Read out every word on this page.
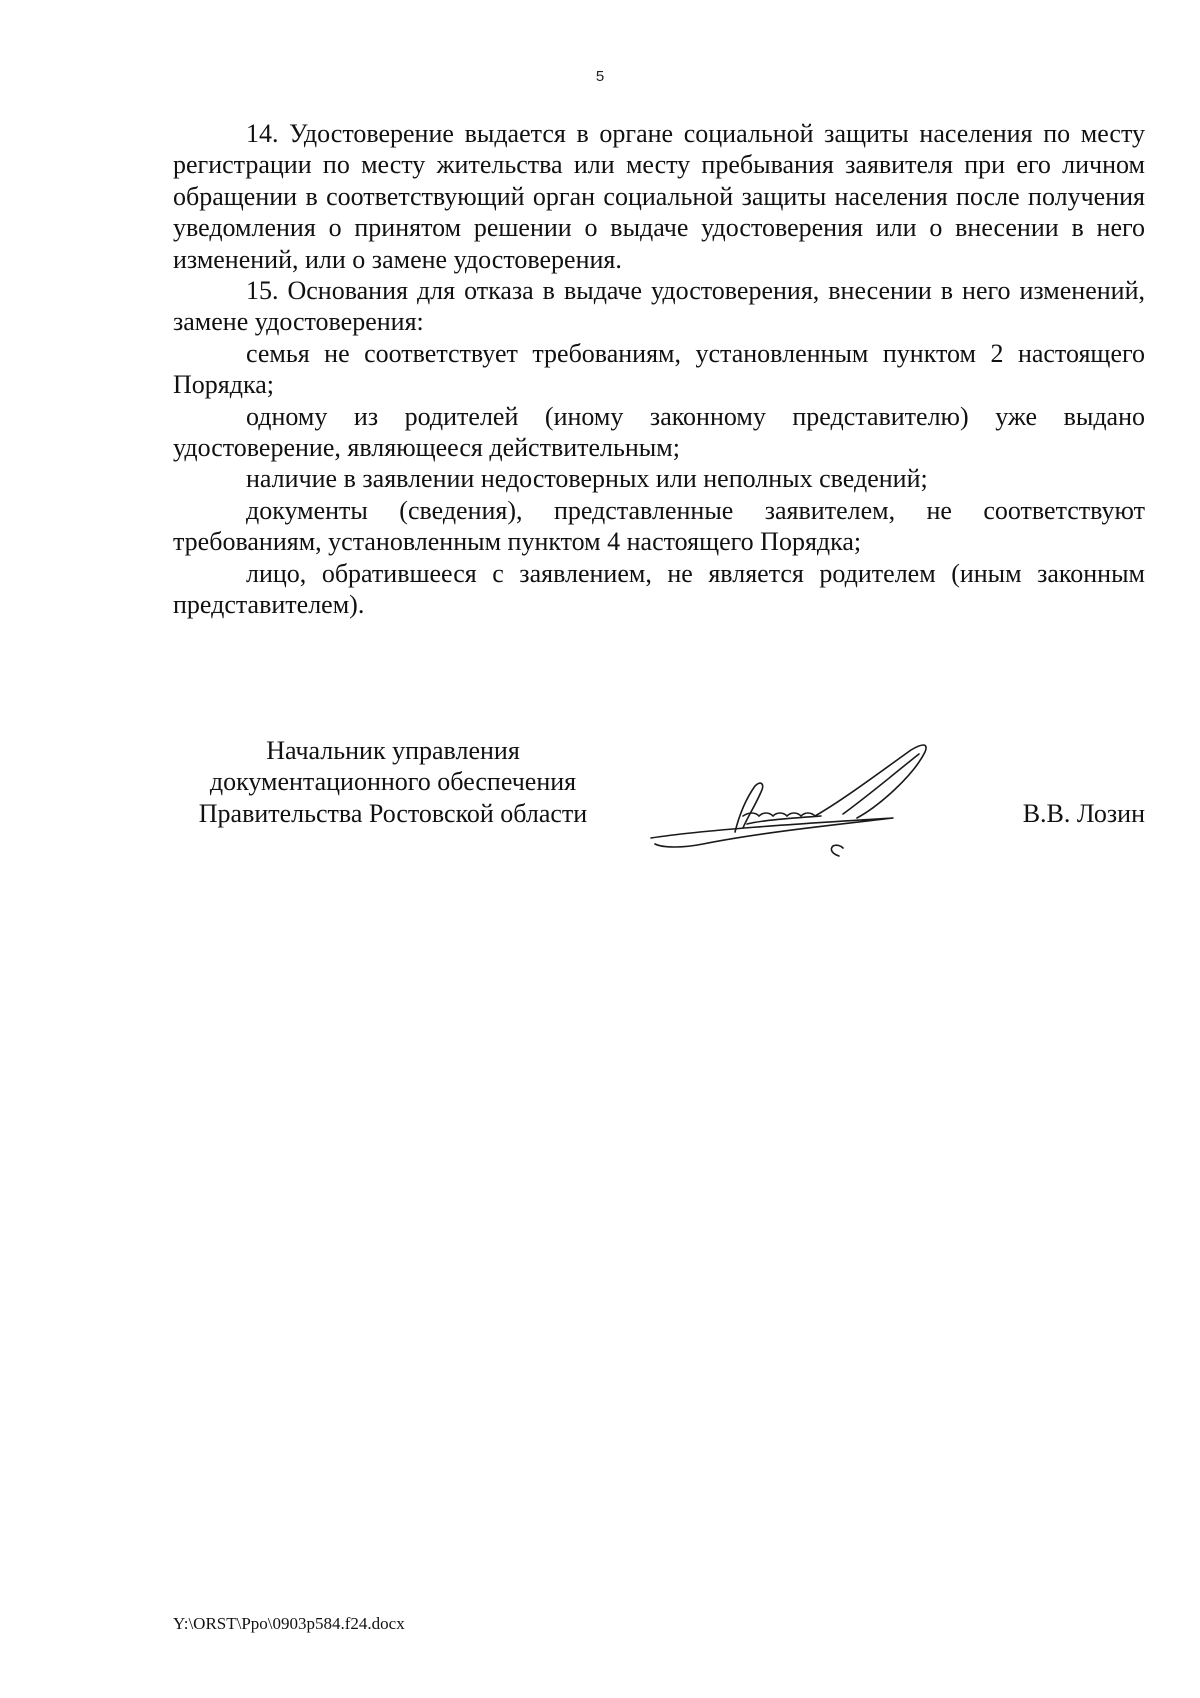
5

14. Удостоверение выдается в органе социальной защиты населения по месту регистрации по месту жительства или месту пребывания заявителя при его личном обращении в соответствующий орган социальной защиты населения после получения уведомления о принятом решении о выдаче удостоверения или о внесении в него изменений, или о замене удостоверения.

15. Основания для отказа в выдаче удостоверения, внесении в него изменений, замене удостоверения:

семья не соответствует требованиям, установленным пунктом 2 настоящего Порядка;

одному из родителей (иному законному представителю) уже выдано удостоверение, являющееся действительным;

наличие в заявлении недостоверных или неполных сведений;

документы (сведения), представленные заявителем, не соответствуют требованиям, установленным пунктом 4 настоящего Порядка;

лицо, обратившееся с заявлением, не является родителем (иным законным представителем).

Начальник управления
документационного обеспечения
Правительства Ростовской области	В.В. Лозин
Y:\ORST\Ppo\0903p584.f24.docx
